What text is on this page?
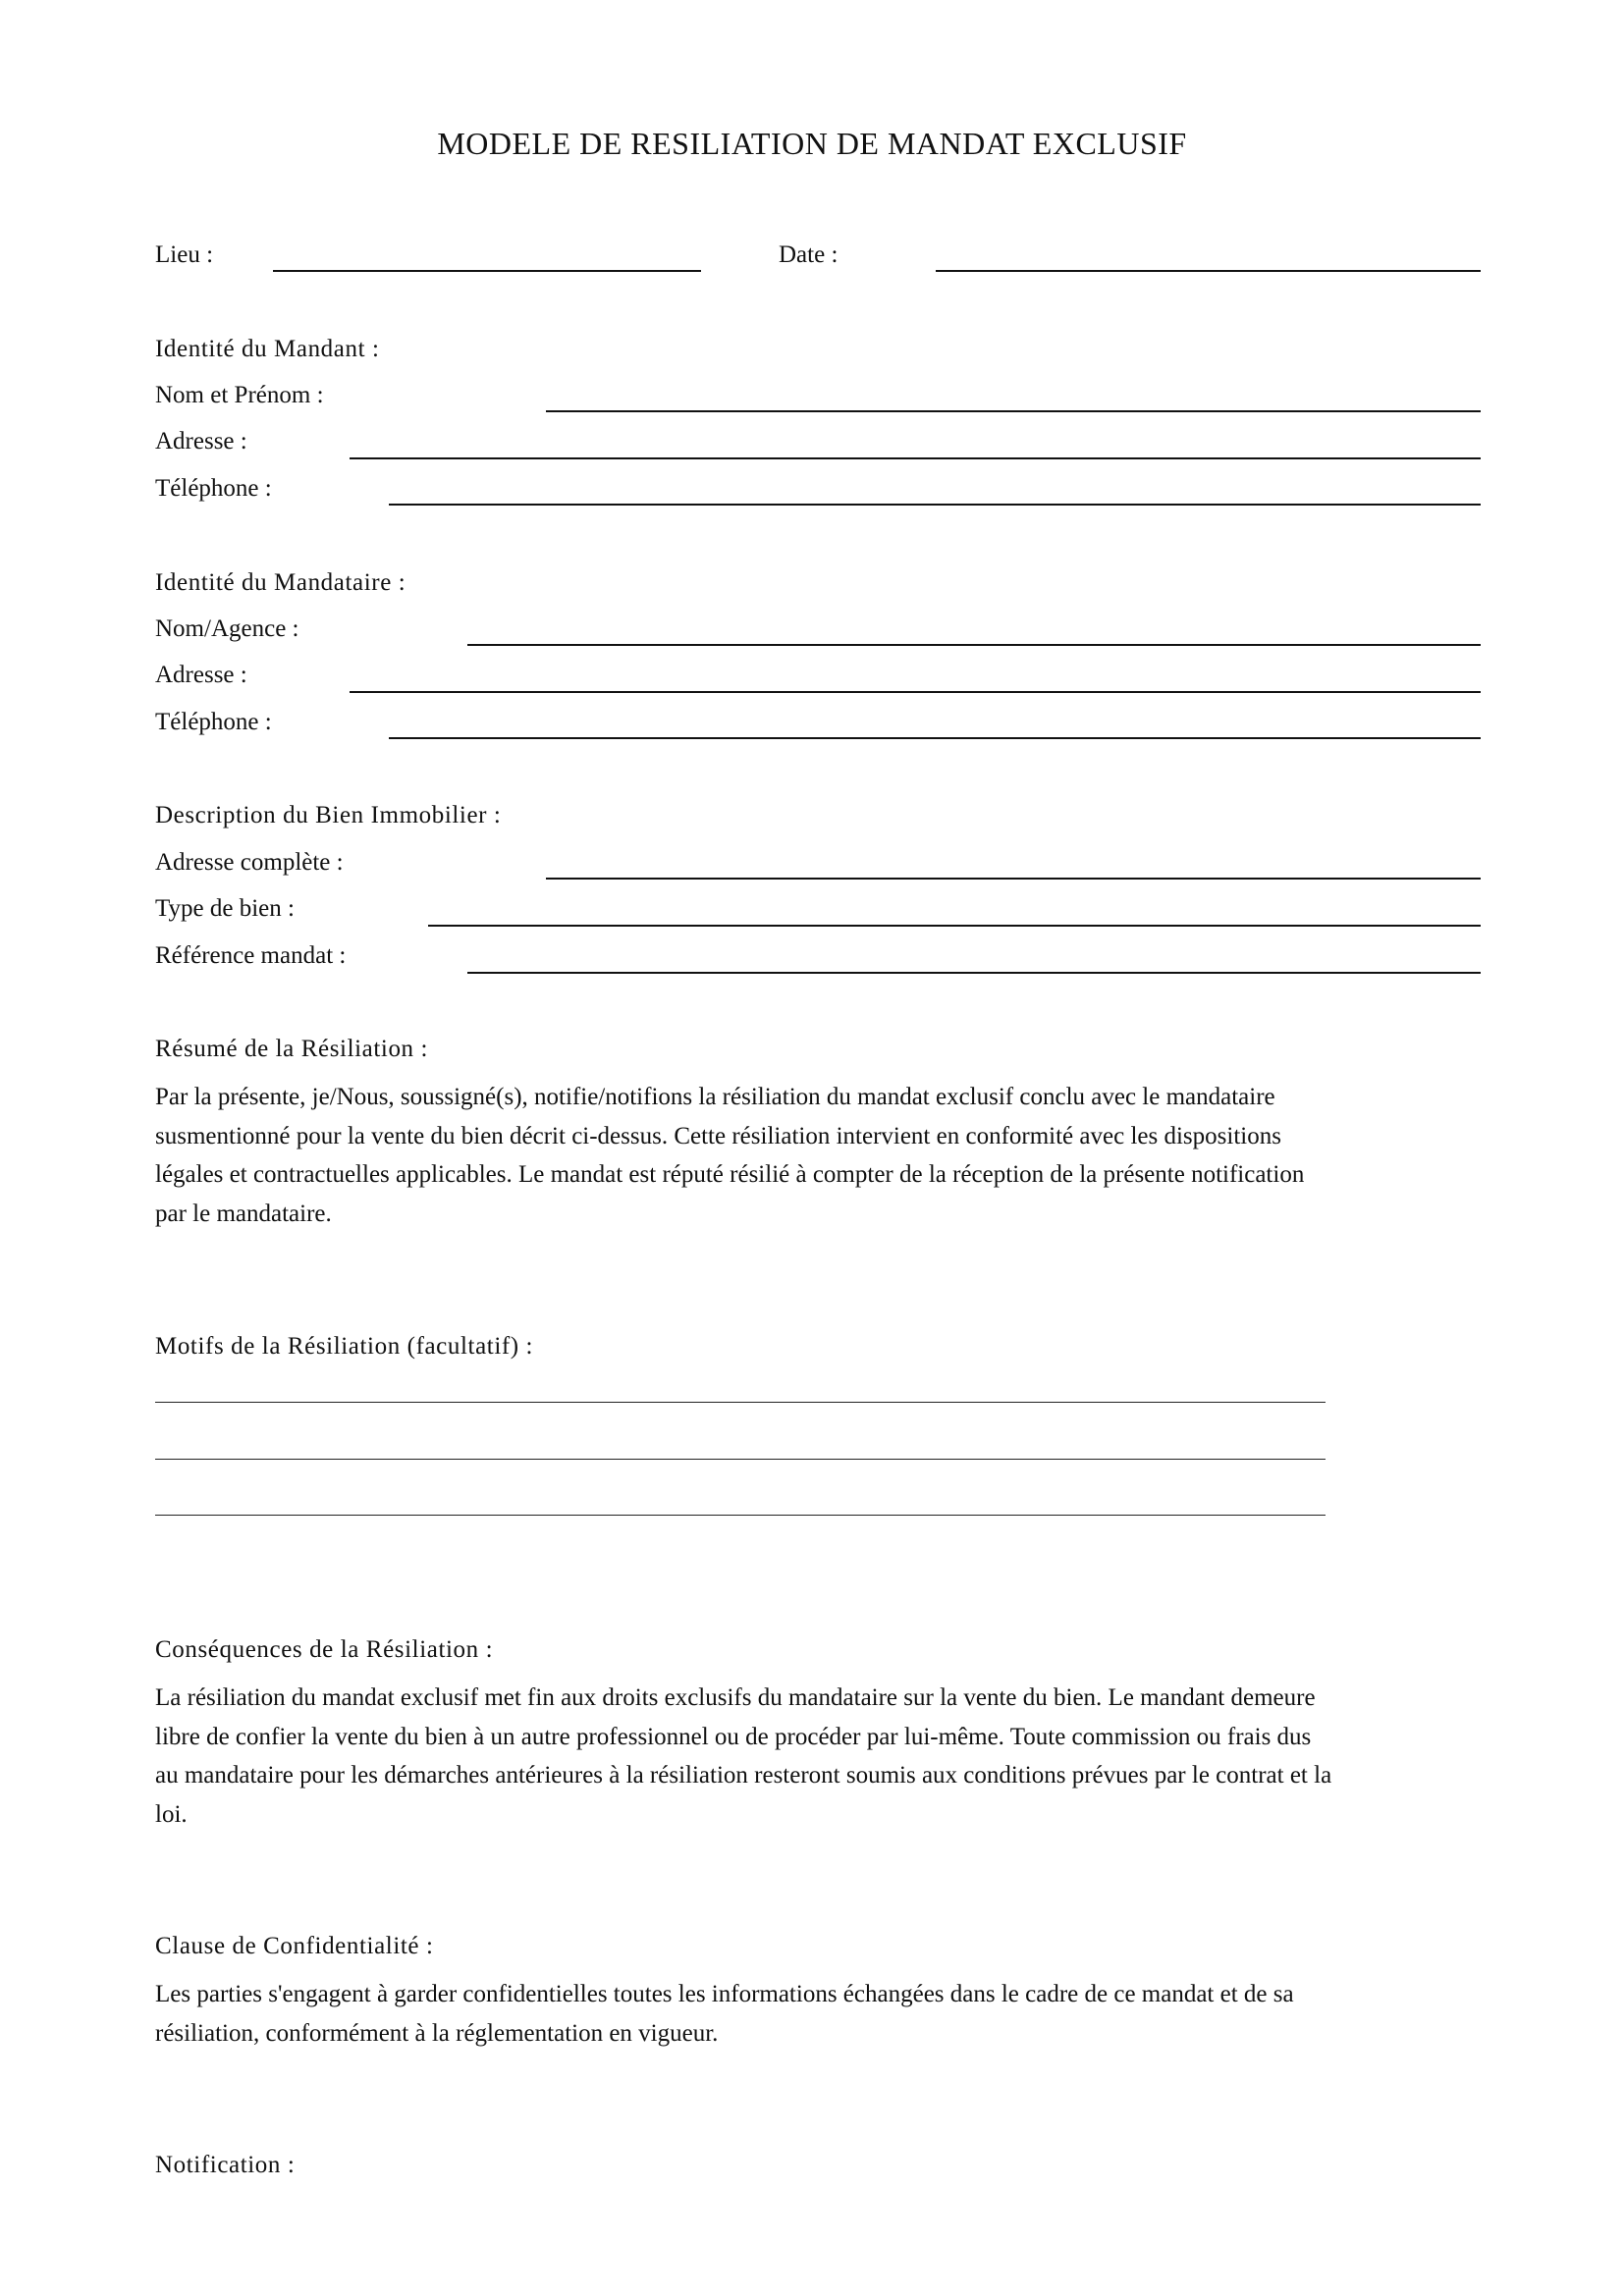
MODELE DE RESILIATION DE MANDAT EXCLUSIF
Lieu :	Date :
Identité du Mandant :
Nom et Prénom :
Adresse :
Téléphone :
Identité du Mandataire :
Nom/Agence :
Adresse :
Téléphone :
Description du Bien Immobilier :
Adresse complète :
Type de bien :
Référence mandat :
Résumé de la Résiliation :
Par la présente, je/Nous, soussigné(s), notifie/notifions la résiliation du mandat exclusif conclu avec le mandataire
susmentionné pour la vente du bien décrit ci-dessus. Cette résiliation intervient en conformité avec les dispositions
légales et contractuelles applicables. Le mandat est réputé résilié à compter de la réception de la présente notification
par le mandataire.
Motifs de la Résiliation (facultatif) :
Conséquences de la Résiliation :
La résiliation du mandat exclusif met fin aux droits exclusifs du mandataire sur la vente du bien. Le mandant demeure
libre de confier la vente du bien à un autre professionnel ou de procéder par lui-même. Toute commission ou frais dus
au mandataire pour les démarches antérieures à la résiliation resteront soumis aux conditions prévues par le contrat et la
loi.
Clause de Confidentialité :
Les parties s'engagent à garder confidentielles toutes les informations échangées dans le cadre de ce mandat et de sa
résiliation, conformément à la réglementation en vigueur.
Notification :
